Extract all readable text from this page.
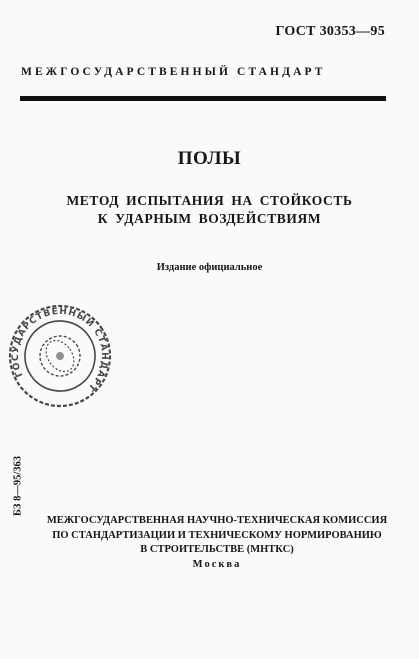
ГОСТ 30353—95
МЕЖГОСУДАРСТВЕННЫЙ СТАНДАРТ
ПОЛЫ
МЕТОД ИСПЫТАНИЯ НА СТОЙКОСТЬ
К УДАРНЫМ ВОЗДЕЙСТВИЯМ
Издание официальное
ГОСУДАРСТВЕННЫЙ СТАНДАРТ
БЗ 8—95/363
МЕЖГОСУДАРСТВЕННАЯ НАУЧНО-ТЕХНИЧЕСКАЯ КОМИССИЯ
ПО СТАНДАРТИЗАЦИИ И ТЕХНИЧЕСКОМУ НОРМИРОВАНИЮ
В СТРОИТЕЛЬСТВЕ (МНТКС)
Москва
